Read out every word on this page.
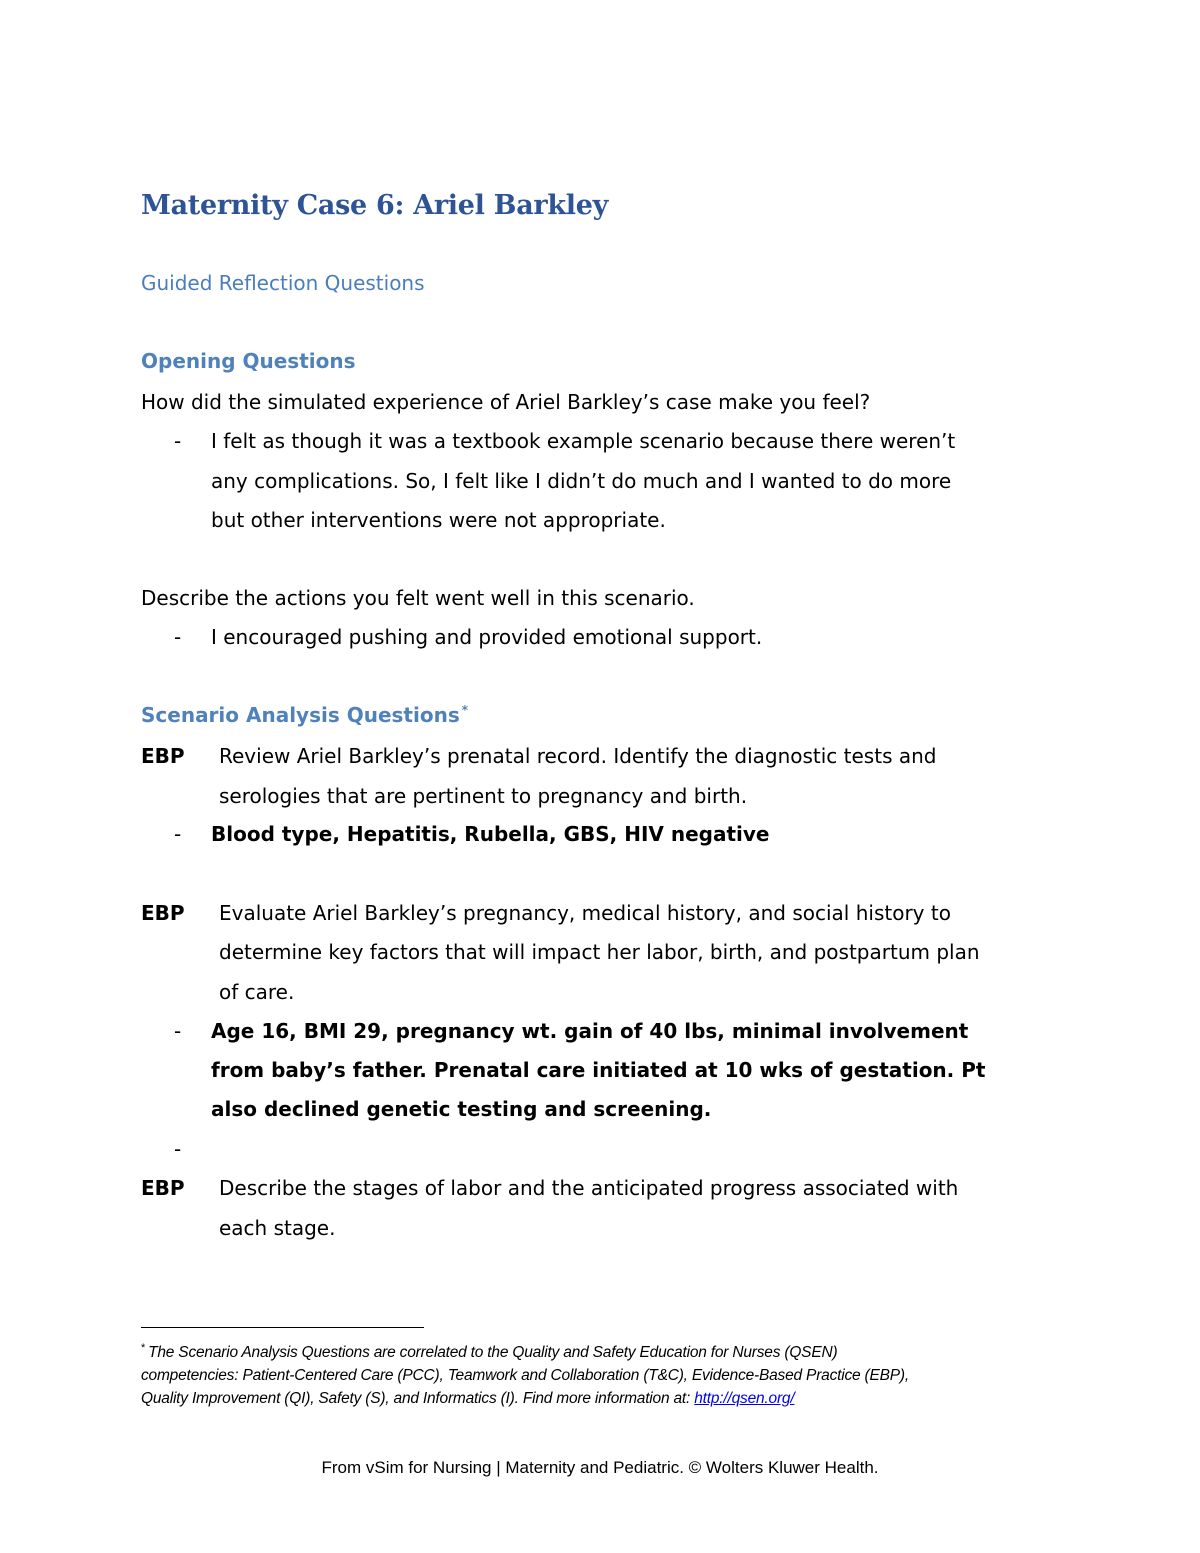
Maternity Case 6: Ariel Barkley
Guided Reflection Questions
Opening Questions
How did the simulated experience of Ariel Barkley’s case make you feel?
- I felt as though it was a textbook example scenario because there weren’t
any complications. So, I felt like I didn’t do much and I wanted to do more
but other interventions were not appropriate.
Describe the actions you felt went well in this scenario.
- I encouraged pushing and provided emotional support.
Scenario Analysis Questions *
EBP Review Ariel Barkley’s prenatal record. Identify the diagnostic tests and
serologies that are pertinent to pregnancy and birth.
- Blood type, Hepatitis, Rubella, GBS, HIV negative
EBP Evaluate Ariel Barkley’s pregnancy, medical history, and social history to
determine key factors that will impact her labor, birth, and postpartum plan
of care.
- Age 16, BMI 29, pregnancy wt. gain of 40 lbs, minimal involvement
from baby’s father. Prenatal care initiated at 10 wks of gestation. Pt
also declined genetic testing and screening.
-
EBP Describe the stages of labor and the anticipated progress associated with
each stage.
* The Scenario Analysis Questions are correlated to the Quality and Safety Education for Nurses (QSEN)
competencies: Patient-Centered Care (PCC), Teamwork and Collaboration (T&C), Evidence-Based Practice (EBP),
Quality Improvement (QI), Safety (S), and Informatics (I). Find more information at: http://qsen.org/
From vSim for Nursing | Maternity and Pediatric. © Wolters Kluwer Health.
